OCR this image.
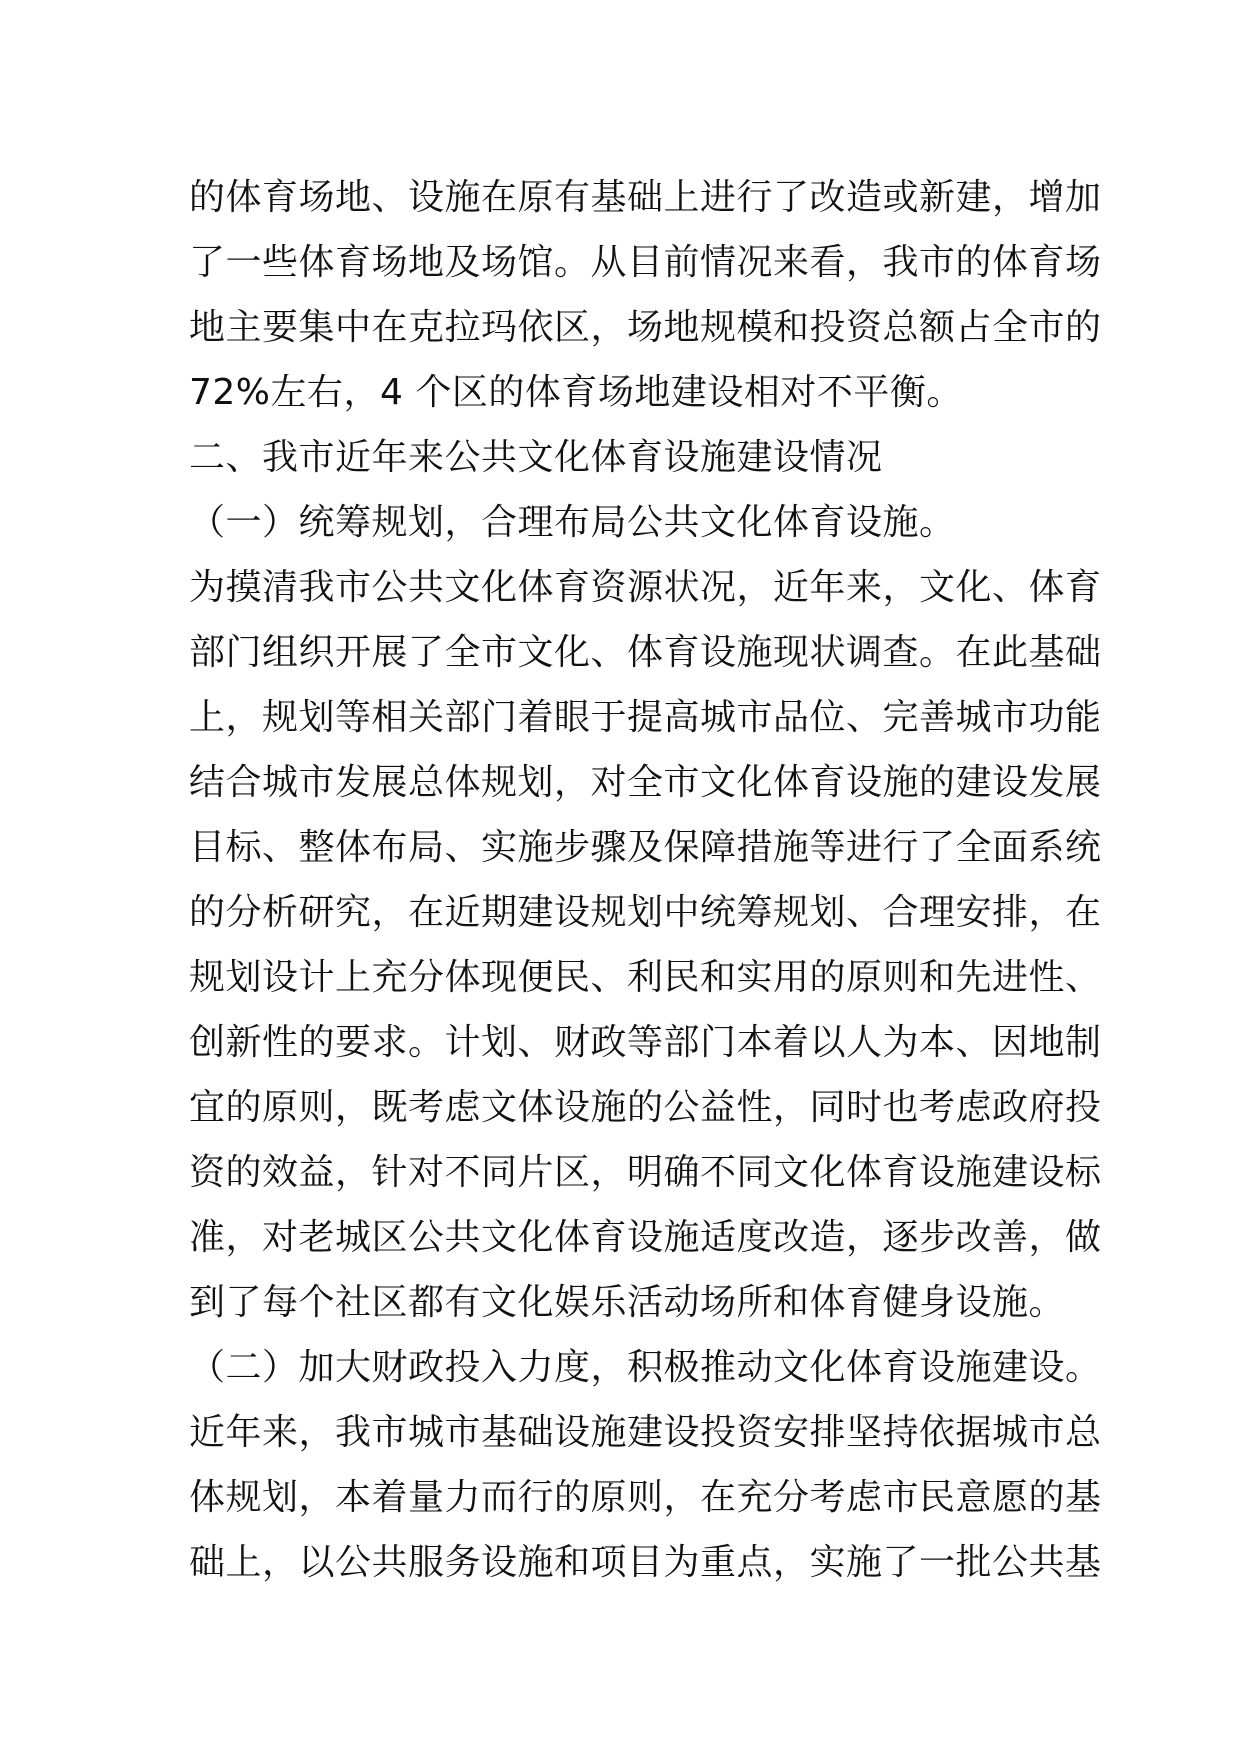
的体育场地、设施在原有基础上进行了改造或新建，增加
了一些体育场地及场馆。从目前情况来看，我市的体育场
地主要集中在克拉玛依区，场地规模和投资总额占全市的
72%左右，4 个区的体育场地建设相对不平衡。
二、我市近年来公共文化体育设施建设情况
（一）统筹规划，合理布局公共文化体育设施。
为摸清我市公共文化体育资源状况，近年来，文化、体育
部门组织开展了全市文化、体育设施现状调查。在此基础
上，规划等相关部门着眼于提高城市品位、完善城市功能
结合城市发展总体规划，对全市文化体育设施的建设发展
目标、整体布局、实施步骤及保障措施等进行了全面系统
的分析研究，在近期建设规划中统筹规划、合理安排，在
规划设计上充分体现便民、利民和实用的原则和先进性、
创新性的要求。计划、财政等部门本着以人为本、因地制
宜的原则，既考虑文体设施的公益性，同时也考虑政府投
资的效益，针对不同片区，明确不同文化体育设施建设标
准，对老城区公共文化体育设施适度改造，逐步改善，做
到了每个社区都有文化娱乐活动场所和体育健身设施。
（二）加大财政投入力度，积极推动文化体育设施建设。
近年来，我市城市基础设施建设投资安排坚持依据城市总
体规划，本着量力而行的原则，在充分考虑市民意愿的基
础上，以公共服务设施和项目为重点，实施了一批公共基
